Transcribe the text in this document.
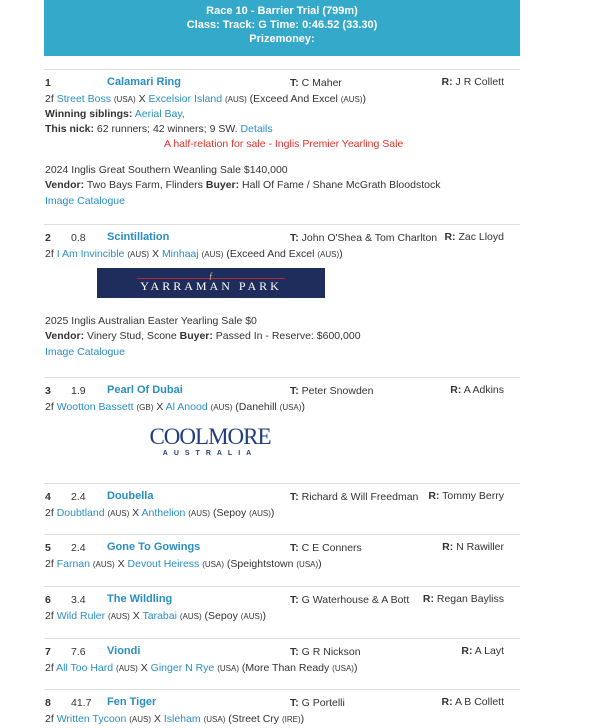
Race 10 - Barrier Trial (799m)
Class: Track: G Time: 0:46.52 (33.30)
Prizemoney:
1	Calamari Ring	T: C Maher	R: J R Collett
2f Street Boss (USA) X Excelsior Island (AUS) (Exceed And Excel (AUS))
Winning siblings: Aerial Bay,
This nick: 62 runners; 42 winners; 9 SW. Details
A half-relation for sale - Inglis Premier Yearling Sale
2024 Inglis Great Southern Weanling Sale $140,000
Vendor: Two Bays Farm, Flinders Buyer: Hall Of Fame / Shane McGrath Bloodstock
Image Catalogue
2 0.8 Scintillation	T: John O'Shea & Tom Charlton R: Zac Lloyd
2f I Am Invincible (AUS) X Minhaaj (AUS) (Exceed And Excel (AUS))
ƒ
YARRAMAN PARK
2025 Inglis Australian Easter Yearling Sale $0
Vendor: Vinery Stud, Scone Buyer: Passed In - Reserve: $600,000
Image Catalogue
3 1.9 Pearl Of Dubai	T: Peter Snowden	R: A Adkins
2f Wootton Bassett (GB) X Al Anood (AUS) (Danehill (USA))
COOLMORE
AUSTRALIA
4 2.4 Doubella	T: Richard & Will Freedman R: Tommy Berry
2f Doubtland (AUS) X Anthelion (AUS) (Sepoy (AUS))
5 2.4 Gone To Gowings	T: C E Conners	R: N Rawiller
2f Farnan (AUS) X Devout Heiress (USA) (Speightstown (USA))
6 3.4 The Wildling	T: G Waterhouse & A Bott R: Regan Bayliss
2f Wild Ruler (AUS) X Tarabai (AUS) (Sepoy (AUS))
7 7.6 Viondi	T: G R Nickson	R: A Layt
2f All Too Hard (AUS) X Ginger N Rye (USA) (More Than Ready (USA))
8 41.7 Fen Tiger	T: G Portelli	R: A B Collett
2f Written Tycoon (AUS) X Isleham (USA) (Street Cry (IRE))
